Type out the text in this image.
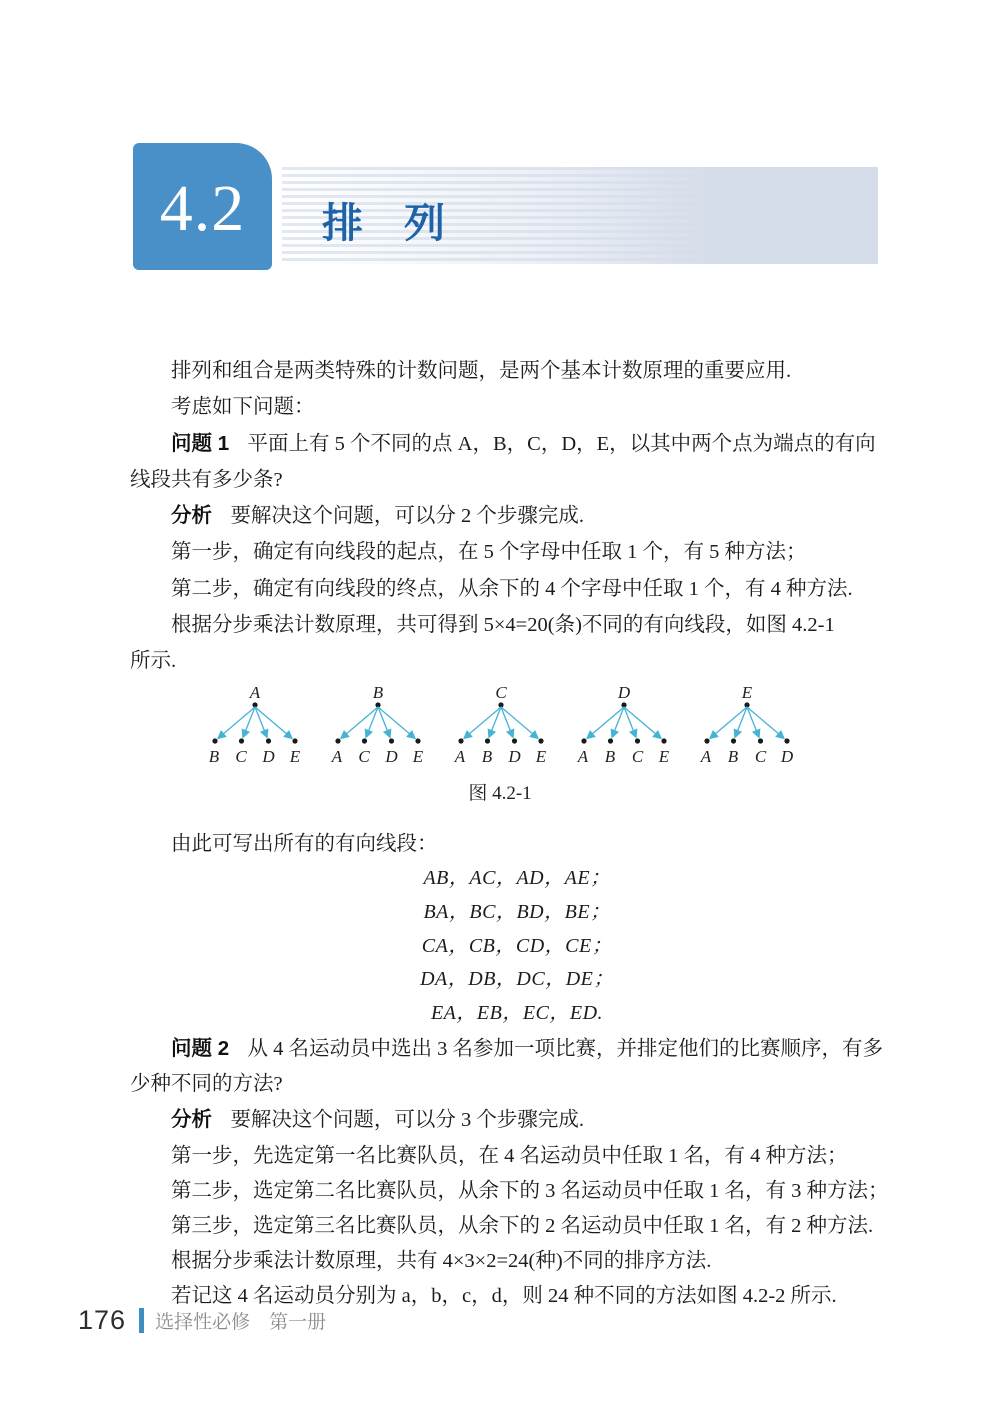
4.2 排　列

排列和组合是两类特殊的计数问题，是两个基本计数原理的重要应用.

考虑如下问题：

问题 1 平面上有 5 个不同的点 A，B，C，D，E，以其中两个点为端点的有向

线段共有多少条?

分析 要解决这个问题，可以分 2 个步骤完成.

第一步，确定有向线段的起点，在 5 个字母中任取 1 个，有 5 种方法；

第二步，确定有向线段的终点，从余下的 4 个字母中任取 1 个，有 4 种方法.

根据分步乘法计数原理，共可得到 5×4=20(条)不同的有向线段，如图 4.2-1

所示.

A
B C D E
B
A C D E
C
A B D E
D
A B C E
E
A B C D

图 4.2-1

由此可写出所有的有向线段：

AB，AC，AD，AE；

BA，BC，BD，BE；

CA，CB，CD，CE；

DA，DB，DC，DE；

EA，EB，EC，ED.

问题 2 从 4 名运动员中选出 3 名参加一项比赛，并排定他们的比赛顺序，有多

少种不同的方法?

分析 要解决这个问题，可以分 3 个步骤完成.

第一步，先选定第一名比赛队员，在 4 名运动员中任取 1 名，有 4 种方法；

第二步，选定第二名比赛队员，从余下的 3 名运动员中任取 1 名，有 3 种方法；

第三步，选定第三名比赛队员，从余下的 2 名运动员中任取 1 名，有 2 种方法.

根据分步乘法计数原理，共有 4×3×2=24(种)不同的排序方法.

若记这 4 名运动员分别为 a，b，c，d，则 24 种不同的方法如图 4.2-2 所示.

176 选择性必修　第一册
